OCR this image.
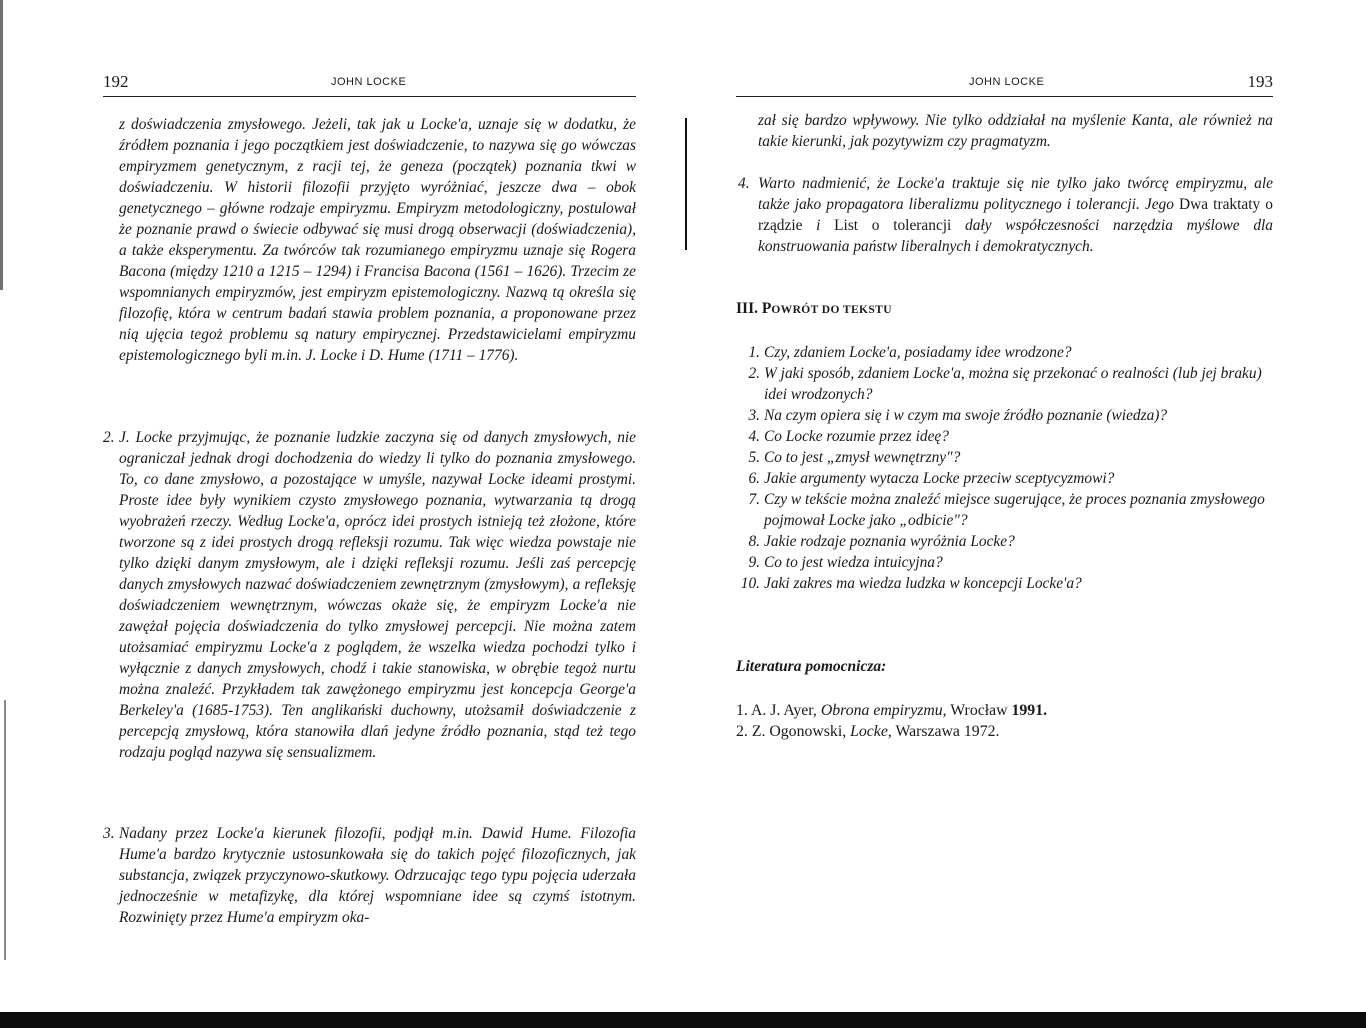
192	JOHN LOCKE

z doświadczenia zmysłowego. Jeżeli, tak jak u Locke'a, uznaje się w dodatku, że źródłem poznania i jego początkiem jest doświadczenie, to nazywa się go wówczas empiryzmem genetycznym, z racji tej, że geneza (początek) poznania tkwi w doświadczeniu. W historii filozofii przyjęto wyróżniać, jeszcze dwa – obok genetycznego – główne rodzaje empiryzmu. Empiryzm metodologiczny, postulował że poznanie prawd o świecie odbywać się musi drogą obserwacji (doświadczenia), a także eksperymentu. Za twórców tak rozumianego empiryzmu uznaje się Rogera Bacona (między 1210 a 1215 – 1294) i Francisa Bacona (1561 – 1626). Trzecim ze wspomnianych empiryzmów, jest empiryzm epistemologiczny. Nazwą tą określa się filozofię, która w centrum badań stawia problem poznania, a proponowane przez nią ujęcia tegoż problemu są natury empirycznej. Przedstawicielami empiryzmu epistemologicznego byli m.in. J. Locke i D. Hume (1711 – 1776).

2. J. Locke przyjmując, że poznanie ludzkie zaczyna się od danych zmysłowych, nie ograniczał jednak drogi dochodzenia do wiedzy li tylko do poznania zmysłowego. To, co dane zmysłowo, a pozostające w umyśle, nazywał Locke ideami prostymi. Proste idee były wynikiem czysto zmysłowego poznania, wytwarzania tą drogą wyobrażeń rzeczy. Według Locke'a, oprócz idei prostych istnieją też złożone, które tworzone są z idei prostych drogą refleksji rozumu. Tak więc wiedza powstaje nie tylko dzięki danym zmysłowym, ale i dzięki refleksji rozumu. Jeśli zaś percepcję danych zmysłowych nazwać doświadczeniem zewnętrznym (zmysłowym), a refleksję doświadczeniem wewnętrznym, wówczas okaże się, że empiryzm Locke'a nie zawężał pojęcia doświadczenia do tylko zmysłowej percepcji. Nie można zatem utożsamiać empiryzmu Locke'a z poglądem, że wszelka wiedza pochodzi tylko i wyłącznie z danych zmysłowych, chodź i takie stanowiska, w obrębie tegoż nurtu można znaleźć. Przykładem tak zawężonego empiryzmu jest koncepcja George'a Berkeley'a (1685-1753). Ten anglikański duchowny, utożsamił doświadczenie z percepcją zmysłową, która stanowiła dlań jedyne źródło poznania, stąd też tego rodzaju pogląd nazywa się sensualizmem.
3. Nadany przez Locke'a kierunek filozofii, podjął m.in. Dawid Hume. Filozofia Hume'a bardzo krytycznie ustosunkowała się do takich pojęć filozoficznych, jak substancja, związek przyczynowo-skutkowy. Odrzucając tego typu pojęcia uderzała jednocześnie w metafizykę, dla której wspomniane idee są czymś istotnym. Rozwinięty przez Hume'a empiryzm oka-
JOHN LOCKE	193

zał się bardzo wpływowy. Nie tylko oddziałał na myślenie Kanta, ale również na takie kierunki, jak pozytywizm czy pragmatyzm.

4. Warto nadmienić, że Locke'a traktuje się nie tylko jako twórcę empiryzmu, ale także jako propagatora liberalizmu politycznego i tolerancji. Jego Dwa traktaty o rządzie i List o tolerancji dały współczesności narzędzia myślowe dla konstruowania państw liberalnych i demokratycznych.
III. POWRÓT DO TEKSTU
1. Czy, zdaniem Locke'a, posiadamy idee wrodzone?
2. W jaki sposób, zdaniem Locke'a, można się przekonać o realności (lub jej braku) idei wrodzonych?
3. Na czym opiera się i w czym ma swoje źródło poznanie (wiedza)?
4. Co Locke rozumie przez ideę?
5. Co to jest „zmysł wewnętrzny"?
6. Jakie argumenty wytacza Locke przeciw sceptycyzmowi?
7. Czy w tekście można znaleźć miejsce sugerujące, że proces poznania zmysłowego pojmował Locke jako „odbicie"?
8. Jakie rodzaje poznania wyróżnia Locke?
9. Co to jest wiedza intuicyjna?
10. Jaki zakres ma wiedza ludzka w koncepcji Locke'a?
Literatura pomocnicza:
1. A. J. Ayer, Obrona empiryzmu, Wrocław 1991.
2. Z. Ogonowski, Locke, Warszawa 1972.
